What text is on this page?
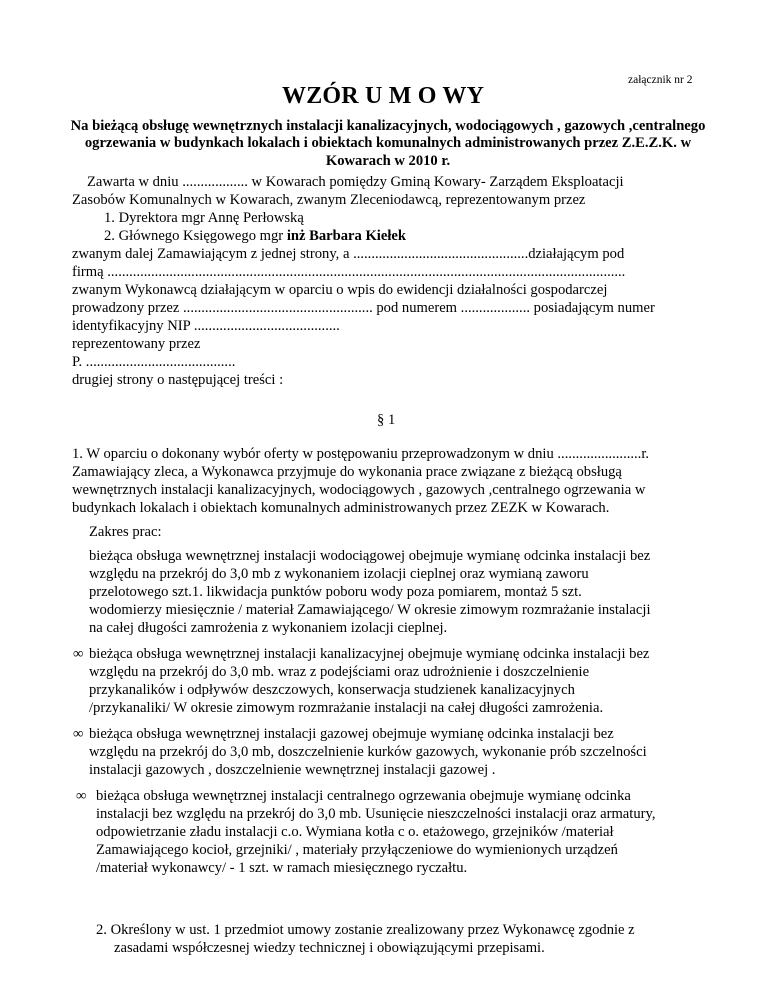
załącznik nr 2
WZÓR U M O WY
Na bieżącą obsługę wewnętrznych instalacji kanalizacyjnych, wodociągowych , gazowych ,centralnego ogrzewania w budynkach lokalach i obiektach komunalnych administrowanych przez Z.E.Z.K. w Kowarach w 2010 r.
Zawarta w dniu .................. w Kowarach pomiędzy Gminą Kowary- Zarządem Eksploatacji
Zasobów Komunalnych w Kowarach, zwanym Zleceniodawcą, reprezentowanym przez
1. Dyrektora mgr Annę Perłowską
2. Głównego Księgowego mgr inż Barbara Kiełek
zwanym dalej Zamawiającym z jednej strony, a ................................................działającym pod
firmą ..............................................................................................................................................
zwanym Wykonawcą działającym w oparciu o wpis do ewidencji działalności gospodarczej
prowadzony przez .................................................... pod numerem ................... posiadającym numer
identyfikacyjny NIP ........................................
reprezentowany przez
P. .........................................
drugiej strony o następującej treści :
§ 1
1. W oparciu o dokonany wybór oferty w postępowaniu przeprowadzonym w dniu .......................r.
Zamawiający zleca, a Wykonawca przyjmuje do wykonania prace związane z bieżącą obsługą
wewnętrznych instalacji kanalizacyjnych, wodociągowych , gazowych ,centralnego ogrzewania w
budynkach lokalach i obiektach komunalnych administrowanych przez ZEZK w Kowarach.
Zakres prac:
bieżąca obsługa wewnętrznej instalacji wodociągowej obejmuje wymianę odcinka instalacji bez
względu na przekrój do 3,0 mb z wykonaniem izolacji cieplnej oraz wymianą zaworu
przelotowego szt.1. likwidacja punktów poboru wody poza pomiarem, montaż 5 szt.
wodomierzy miesięcznie / materiał Zamawiającego/ W okresie zimowym rozmrażanie instalacji
na całej długości zamrożenia z wykonaniem izolacji cieplnej.
∞ bieżąca obsługa wewnętrznej instalacji kanalizacyjnej obejmuje wymianę odcinka instalacji bez
względu na przekrój do 3,0 mb. wraz z podejściami oraz udrożnienie i doszczelnienie
przykanalików i odpływów deszczowych, konserwacja studzienek kanalizacyjnych
/przykanaliki/ W okresie zimowym rozmrażanie instalacji na całej długości zamrożenia.
∞ bieżąca obsługa wewnętrznej instalacji gazowej obejmuje wymianę odcinka instalacji bez
względu na przekrój do 3,0 mb, doszczelnienie kurków gazowych, wykonanie prób szczelności
instalacji gazowych , doszczelnienie wewnętrznej instalacji gazowej .
∞ bieżąca obsługa wewnętrznej instalacji centralnego ogrzewania obejmuje wymianę odcinka
instalacji bez względu na przekrój do 3,0 mb. Usunięcie nieszczelności instalacji oraz armatury,
odpowietrzanie zładu instalacji c.o. Wymiana kotła c o. etażowego, grzejników /materiał
Zamawiającego kocioł, grzejniki/ , materiały przyłączeniowe do wymienionych urządzeń
/materiał wykonawcy/ - 1 szt. w ramach miesięcznego ryczałtu.
2. Określony w ust. 1 przedmiot umowy zostanie zrealizowany przez Wykonawcę zgodnie z
zasadami współczesnej wiedzy technicznej i obowiązującymi przepisami.
